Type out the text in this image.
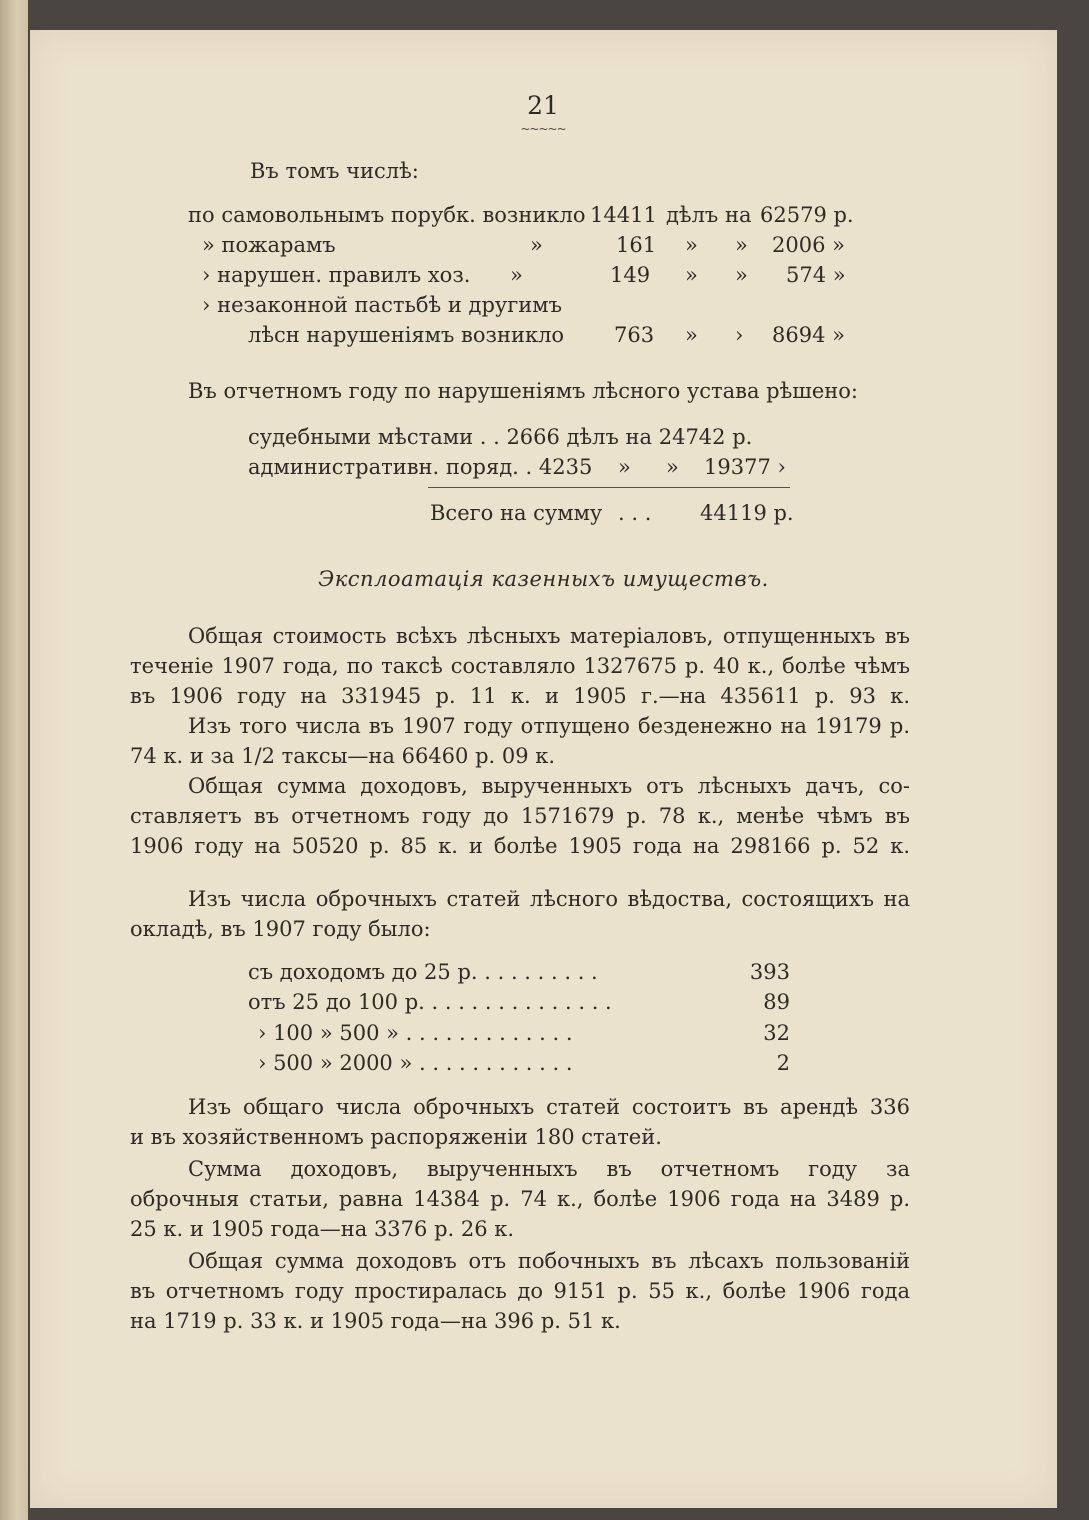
21
~~~~~
Въ томъ числѣ:
по самовольнымъ порубк. возникло 14411 дѣлъ на 62579 р.
» пожарамъ	»	161 » » 2006 »
› нарушен. правилъ хоз. »	149 » » 574 »
› незаконной пастьбѣ и другимъ
лѣсн нарушеніямъ возникло 763 » › 8694 »
Въ отчетномъ году по нарушеніямъ лѣсного устава рѣшено:
судебными мѣстами . . 2666 дѣлъ на 24742 р.
административн. поряд. . 4235 » » 19377 ›
Всего на сумму . . . 44119 р.
Эксплоатація казенныхъ имуществъ.
Общая стоимость всѣхъ лѣсныхъ матеріаловъ, отпущенныхъ въ
теченіе 1907 года, по таксѣ составляло 1327675 р. 40 к., болѣе чѣмъ
въ 1906 году на 331945 р. 11 к. и 1905 г.—на 435611 р. 93 к.
Изъ того числа въ 1907 году отпущено безденежно на 19179 р.
74 к. и за 1/2 таксы—на 66460 р. 09 к.
Общая сумма доходовъ, вырученныхъ отъ лѣсныхъ дачъ, со-
ставляетъ въ отчетномъ году до 1571679 р. 78 к., менѣе чѣмъ въ
1906 году на 50520 р. 85 к. и болѣе 1905 года на 298166 р. 52 к.
Изъ числа оброчныхъ статей лѣсного вѣдоства, состоящихъ на
окладѣ, въ 1907 году было:
съ доходомъ до 25 р. . . . . . . . . .	393
отъ 25 до 100 р. . . . . . . . . . . . . . .	89
› 100 » 500 » . . . . . . . . . . . . .	32
› 500 » 2000 » . . . . . . . . . . . .	2
Изъ общаго числа оброчныхъ статей состоитъ въ арендѣ 336
и въ хозяйственномъ распоряженіи 180 статей.
Сумма доходовъ, вырученныхъ въ отчетномъ году за
оброчныя статьи, равна 14384 р. 74 к., болѣе 1906 года на 3489 р.
25 к. и 1905 года—на 3376 р. 26 к.
Общая сумма доходовъ отъ побочныхъ въ лѣсахъ пользованій
въ отчетномъ году простиралась до 9151 р. 55 к., болѣе 1906 года
на 1719 р. 33 к. и 1905 года—на 396 р. 51 к.
